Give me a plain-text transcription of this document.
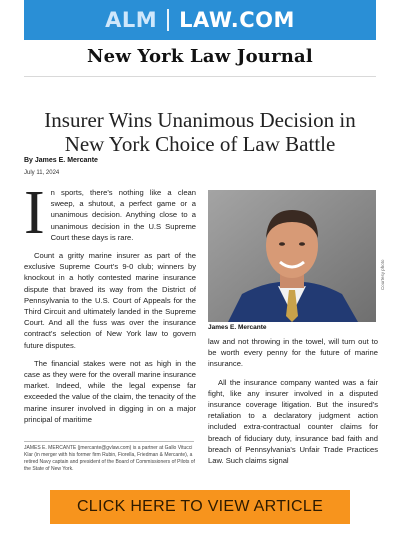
ALM LAW.COM
New York Law Journal
Insurer Wins Unanimous Decision in New York Choice of Law Battle
By James E. Mercante
July 11, 2024

In sports, there's nothing like a clean sweep, a shutout, a perfect game or a unanimous decision. Anything close to a unanimous decision in the U.S Supreme Court these days is rare.

Count a gritty marine insurer as part of the exclusive Supreme Court's 9-0 club; winners by knockout in a hotly contested marine insurance dispute that braved its way from the District of Pennsylvania to the U.S. Court of Appeals for the Third Circuit and ultimately landed in the Supreme Court. And all the fuss was over the insurance contract's selection of New York law to govern future disputes.

The financial stakes were not as high in the case as they were for the overall marine insurance market. Indeed, while the legal expense far exceeded the value of the claim, the tenacity of the marine insurer involved in digging in on a major principal of maritime

JAMES E. MERCANTE (jmercante@gvlaw.com) is a partner at Gallo Vitucci Klar (in merger with his former firm Rubin, Fiorella, Friedman & Mercante), a retired Navy captain and president of the Board of Commissioners of Pilots of the State of New York.
James E. Mercante
Courtesy photo

law and not throwing in the towel, will turn out to be worth every penny for the future of marine insurance.

All the insurance company wanted was a fair fight, like any insurer involved in a disputed insurance coverage litigation. But the insured's retaliation to a declaratory judgment action included extra-contractual counter claims for breach of fiduciary duty, insurance bad faith and breach of Pennsylvania's Unfair Trade Practices Law. Such claims signal

CLICK HERE TO VIEW ARTICLE
